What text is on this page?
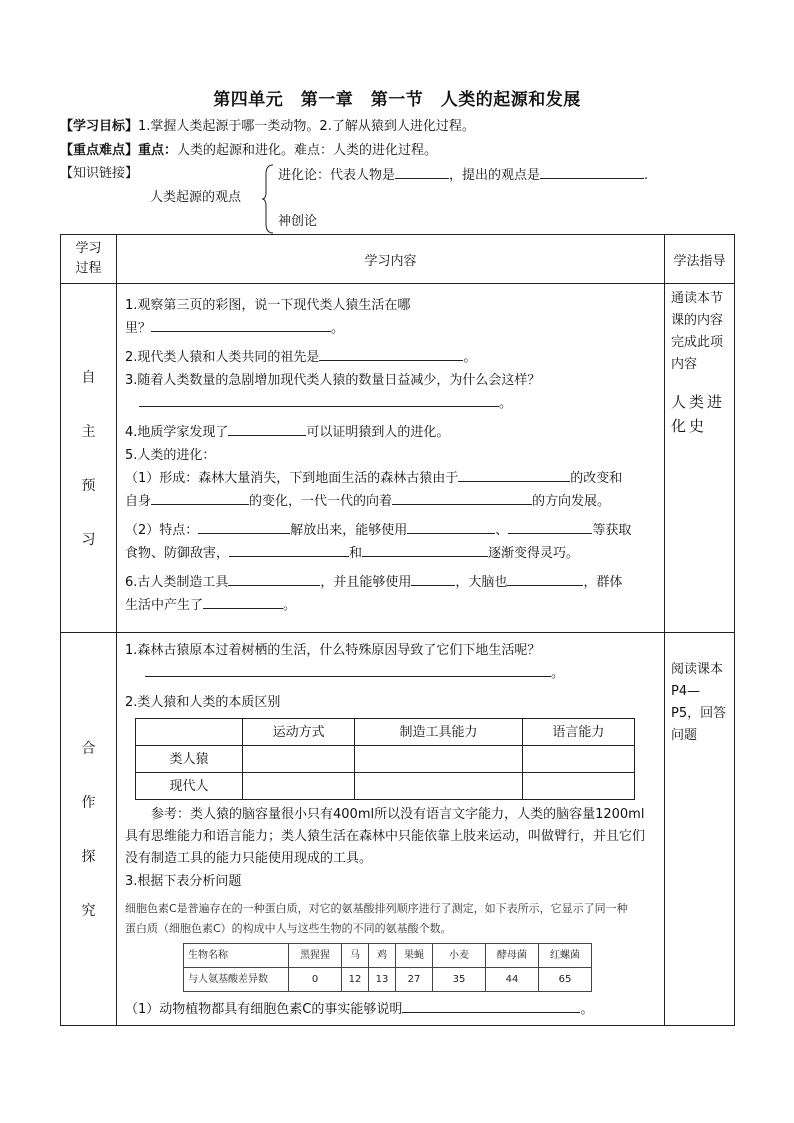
第四单元　第一章　第一节　人类的起源和发展
【学习目标】1.掌握人类起源于哪一类动物。2.了解从猿到人进化过程。
【重点难点】重点：人类的起源和进化。难点：人类的进化过程。
【知识链接】
人类起源的观点
进化论：代表人物是	，提出的观点是	.
神创论
学习过程	学习内容	学法指导

自
主
预
习

1.观察第三页的彩图，说一下现代类人猿生活在哪

里？	。

2.现代类人猿和人类共同的祖先是	。

3.随着人类数量的急剧增加现代类人猿的数量日益减少，为什么会这样？

。

4.地质学家发现了	可以证明猿到人的进化。

5.人类的进化：

（1）形成：森林大量消失，下到地面生活的森林古猿由于	的改变和

自身	的变化，一代一代的向着	的方向发展。

（2）特点：	解放出来，能够使用	、	等获取

食物、防御敌害，	和	逐渐变得灵巧。

6.古人类制造工具	，并且能够使用	，大脑也	，群体

生活中产生了	。

通读本节课的内容完成此项内容
人类进化史

合
作
探
究

1.森林古猿原本过着树栖的生活，什么特殊原因导致了它们下地生活呢？

。

2.类人猿和人类的本质区别

	运动方式	制造工具能力	语言能力
类人猿			
现代人			

参考：类人猿的脑容量很小只有400ml所以没有语言文字能力，人类的脑容量1200ml具有思维能力和语言能力；类人猿生活在森林中只能依靠上肢来运动，叫做臂行，并且它们没有制造工具的能力只能使用现成的工具。

3.根据下表分析问题

细胞色素C是普遍存在的一种蛋白质，对它的氨基酸排列顺序进行了测定，如下表所示，它显示了同一种
蛋白质（细胞色素C）的构成中人与这些生物的不同的氨基酸个数。
生物名称	黑猩猩	马	鸡	果蝇	小麦	酵母菌	红螺菌
与人氨基酸差异数	0	12	13	27	35	44	65

（1）动物植物都具有细胞色素C的事实能够说明	。

	阅读课本P4—P5，回答问题
